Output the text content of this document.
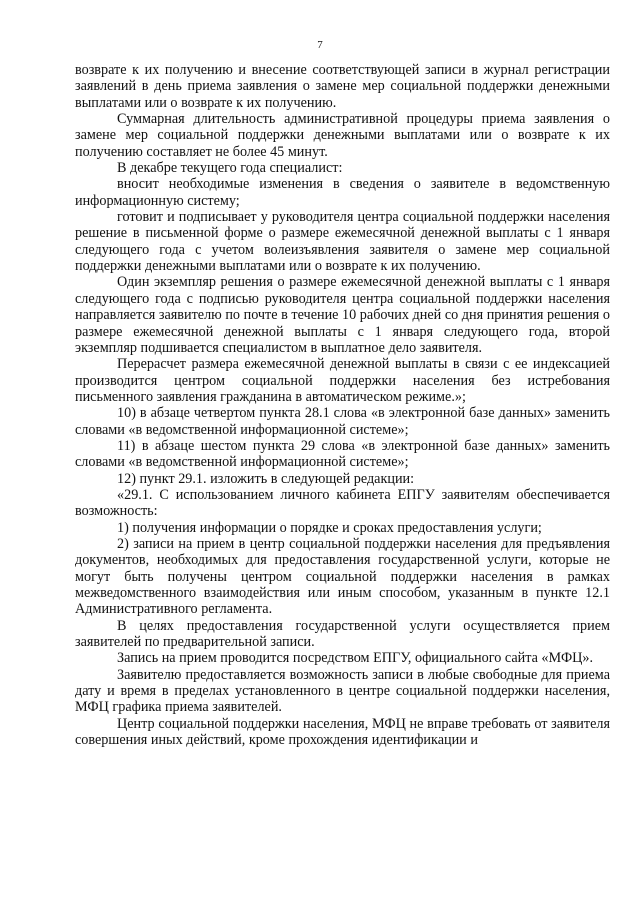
7

возврате к их получению и внесение соответствующей записи в журнал регистрации заявлений в день приема заявления о замене мер социальной поддержки денежными выплатами или о возврате к их получению.

Суммарная длительность административной процедуры приема заявления о замене мер социальной поддержки денежными выплатами или о возврате к их получению составляет не более 45 минут.

В декабре текущего года специалист:

вносит необходимые изменения в сведения о заявителе в ведомственную информационную систему;

готовит и подписывает у руководителя центра социальной поддержки населения решение в письменной форме о размере ежемесячной денежной выплаты с 1 января следующего года с учетом волеизъявления заявителя о замене мер социальной поддержки денежными выплатами или о возврате к их получению.

Один экземпляр решения о размере ежемесячной денежной выплаты с 1 января следующего года с подписью руководителя центра социальной поддержки населения направляется заявителю по почте в течение 10 рабочих дней со дня принятия решения о размере ежемесячной денежной выплаты с 1 января следующего года, второй экземпляр подшивается специалистом в выплатное дело заявителя.

Перерасчет размера ежемесячной денежной выплаты в связи с ее индексацией производится центром социальной поддержки населения без истребования письменного заявления гражданина в автоматическом режиме.»;

10) в абзаце четвертом пункта 28.1 слова «в электронной базе данных» заменить словами «в ведомственной информационной системе»;

11) в абзаце шестом пункта 29 слова «в электронной базе данных» заменить словами «в ведомственной информационной системе»;

12) пункт 29.1. изложить в следующей редакции:

«29.1. С использованием личного кабинета ЕПГУ заявителям обеспечивается возможность:

1) получения информации о порядке и сроках предоставления услуги;

2) записи на прием в центр социальной поддержки населения для предъявления документов, необходимых для предоставления государственной услуги, которые не могут быть получены центром социальной поддержки населения в рамках межведомственного взаимодействия или иным способом, указанным в пункте 12.1 Административного регламента.

В целях предоставления государственной услуги осуществляется прием заявителей по предварительной записи.

Запись на прием проводится посредством ЕПГУ, официального сайта «МФЦ».

Заявителю предоставляется возможность записи в любые свободные для приема дату и время в пределах установленного в центре социальной поддержки населения, МФЦ графика приема заявителей.

Центр социальной поддержки населения, МФЦ не вправе требовать от заявителя совершения иных действий, кроме прохождения идентификации и
